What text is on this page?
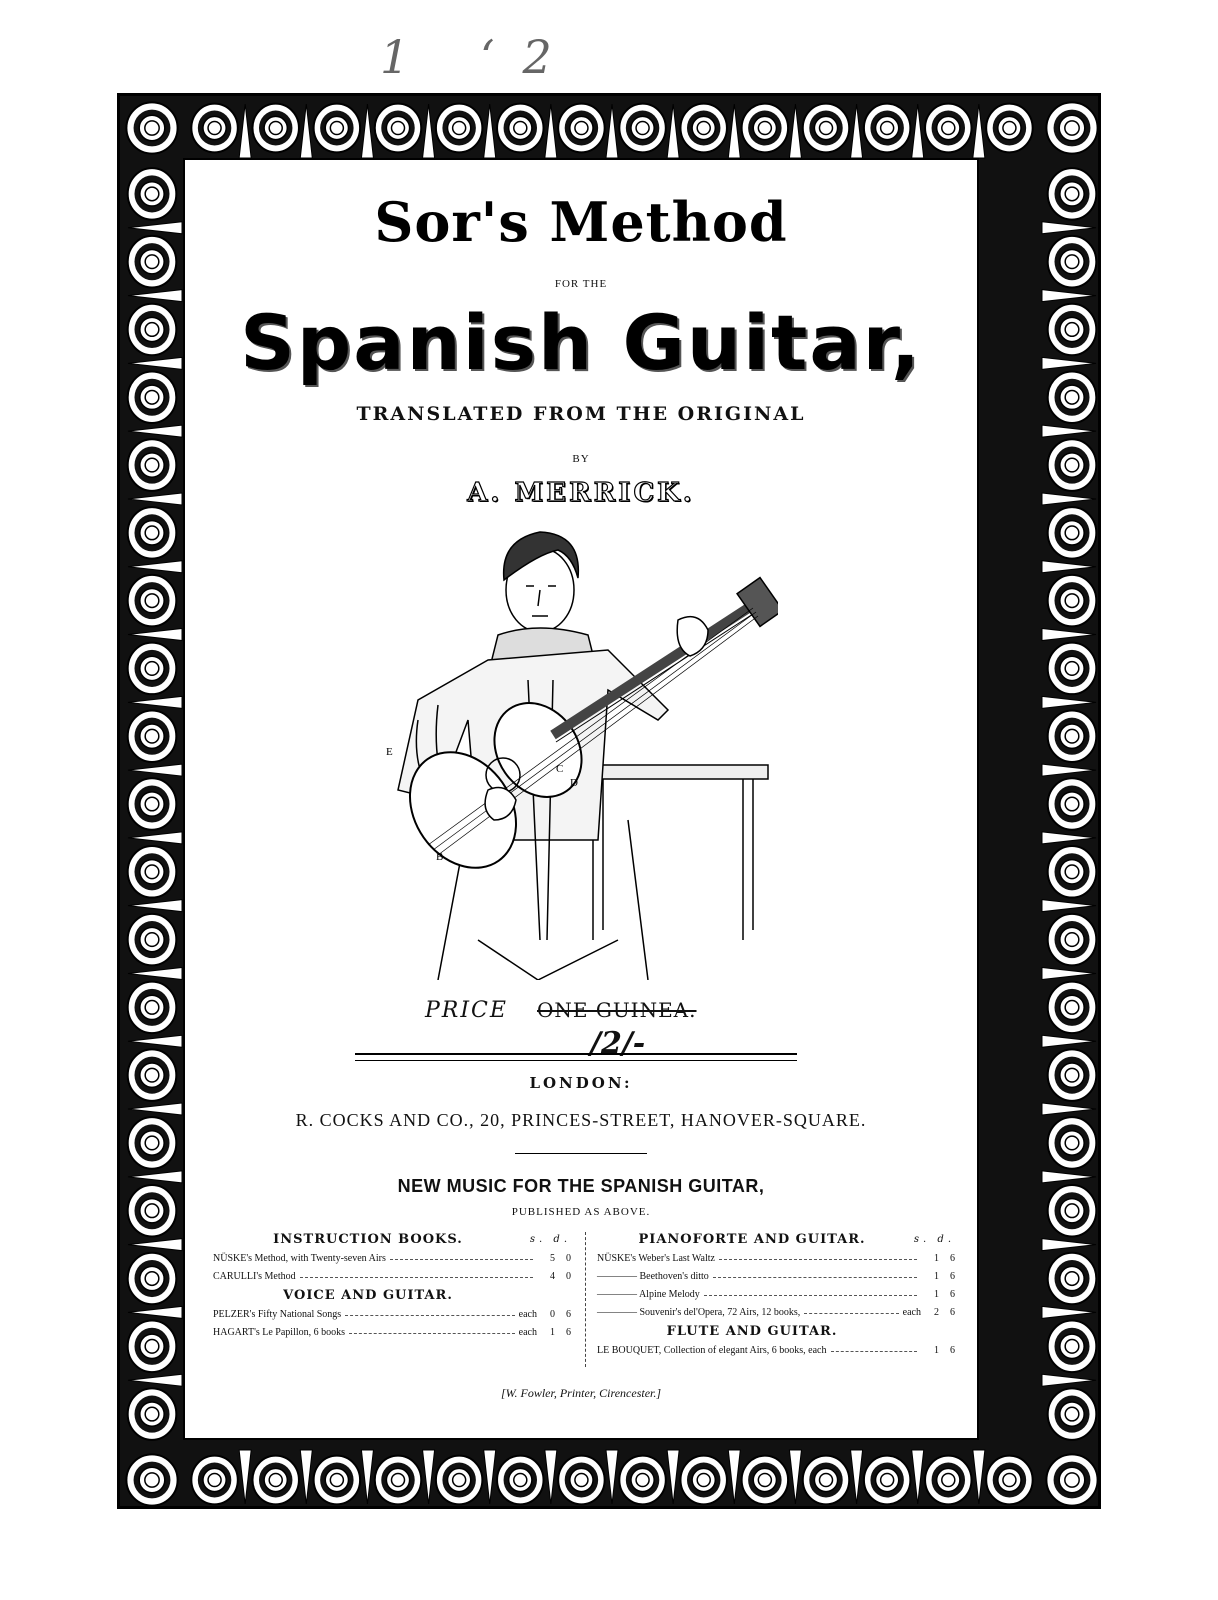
1 ‘2
Sor's Method
FOR THE
Spanish Guitar,
TRANSLATED FROM THE ORIGINAL
BY
A. MERRICK.
E
C
D
B
PRICE ONE GUINEA.
/2/-
LONDON:
R. COCKS AND CO., 20, PRINCES-STREET, HANOVER-SQUARE.
NEW MUSIC FOR THE SPANISH GUITAR,
PUBLISHED AS ABOVE.
INSTRUCTION BOOKS.	s. d.
NÜSKE's Method, with Twenty-seven Airs	5 0
CARULLI's Method	4 0
VOICE AND GUITAR.
PELZER's Fifty National Songs	each 0 6
HAGART's Le Papillon, 6 books	each 1 6
PIANOFORTE AND GUITAR.	s. d.
NÜSKE's Weber's Last Waltz	1 6
———— Beethoven's ditto	1 6
———— Alpine Melody	1 6
———— Souvenir's del'Opera, 72 Airs, 12 books,	each 2 6
FLUTE AND GUITAR.
LE BOUQUET, Collection of elegant Airs, 6 books, each	1 6
[W. Fowler, Printer, Cirencester.]
